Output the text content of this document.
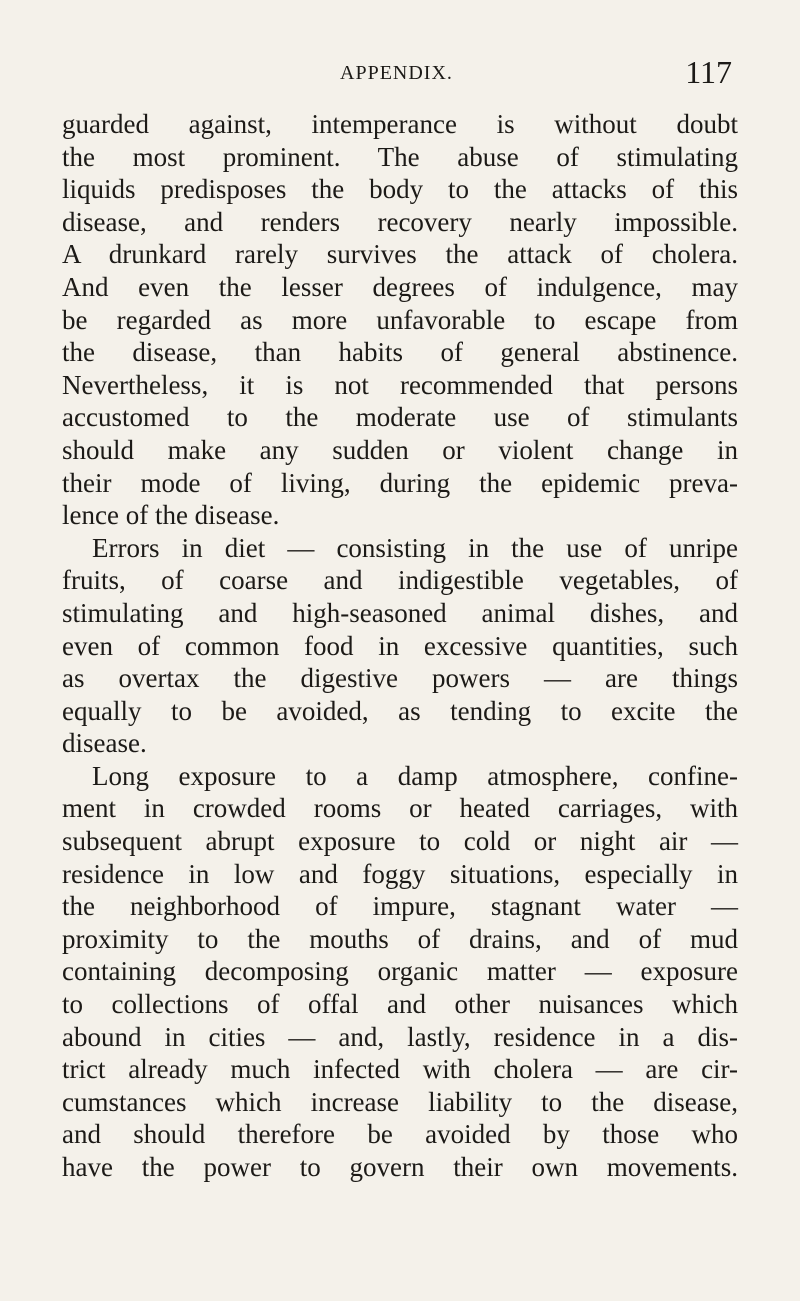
APPENDIX.	117
guarded against, intemperance is without doubt
the most prominent. The abuse of stimulating
liquids predisposes the body to the attacks of this
disease, and renders recovery nearly impossible.
A drunkard rarely survives the attack of cholera.
And even the lesser degrees of indulgence, may
be regarded as more unfavorable to escape from
the disease, than habits of general abstinence.
Nevertheless, it is not recommended that persons
accustomed to the moderate use of stimulants
should make any sudden or violent change in
their mode of living, during the epidemic preva-
lence of the disease.
Errors in diet — consisting in the use of unripe
fruits, of coarse and indigestible vegetables, of
stimulating and high-seasoned animal dishes, and
even of common food in excessive quantities, such
as overtax the digestive powers — are things
equally to be avoided, as tending to excite the
disease.
Long exposure to a damp atmosphere, confine-
ment in crowded rooms or heated carriages, with
subsequent abrupt exposure to cold or night air —
residence in low and foggy situations, especially in
the neighborhood of impure, stagnant water —
proximity to the mouths of drains, and of mud
containing decomposing organic matter — exposure
to collections of offal and other nuisances which
abound in cities — and, lastly, residence in a dis-
trict already much infected with cholera — are cir-
cumstances which increase liability to the disease,
and should therefore be avoided by those who
have the power to govern their own movements.
